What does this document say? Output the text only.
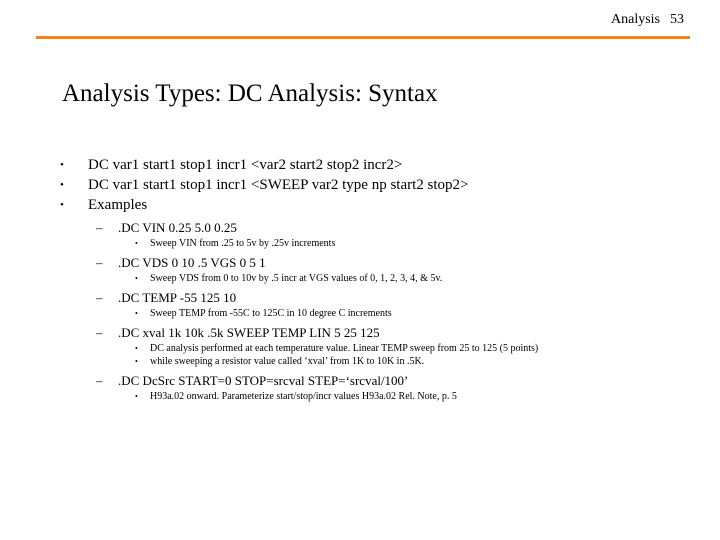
Analysis 53
Analysis Types: DC Analysis: Syntax
• DC var1 start1 stop1 incr1 <var2 start2 stop2 incr2>
• DC var1 start1 stop1 incr1 <SWEEP var2 type np start2 stop2>
• Examples
– .DC VIN 0.25 5.0 0.25
• Sweep VIN from .25 to 5v by .25v increments
– .DC VDS 0 10 .5 VGS 0 5 1
• Sweep VDS from 0 to 10v by .5 incr at VGS values of 0, 1, 2, 3, 4, & 5v.
– .DC TEMP -55 125 10
• Sweep TEMP from -55C to 125C in 10 degree C increments
– .DC xval 1k 10k .5k SWEEP TEMP LIN 5 25 125
• DC analysis performed at each temperature value. Linear TEMP sweep from 25 to 125 (5 points)
• while sweeping a resistor value called ‘xval’ from 1K to 10K in .5K.
– .DC DcSrc START=0 STOP=srcval STEP=‘srcval/100’
• H93a.02 onward. Parameterize start/stop/incr values H93a.02 Rel. Note, p. 5
